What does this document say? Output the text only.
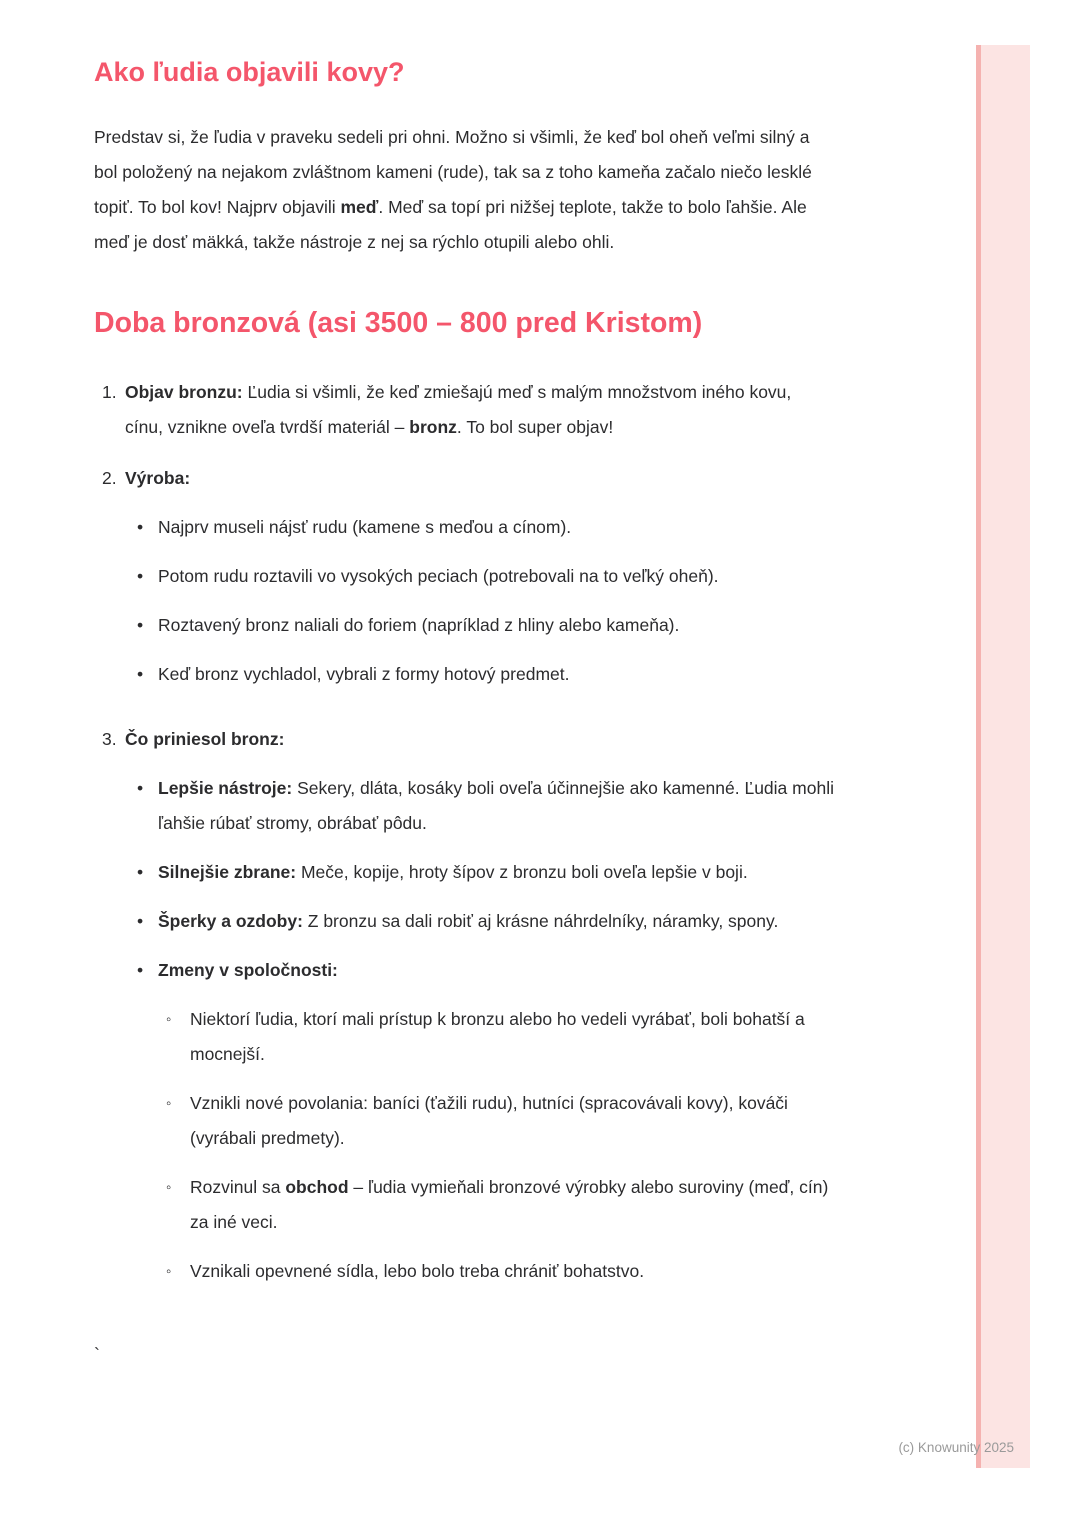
Ako ľudia objavili kovy?

Predstav si, že ľudia v praveku sedeli pri ohni. Možno si všimli, že keď bol oheň veľmi silný a bol položený na nejakom zvláštnom kameni (rude), tak sa z toho kameňa začalo niečo lesklé topiť. To bol kov! Najprv objavili meď. Meď sa topí pri nižšej teplote, takže to bolo ľahšie. Ale meď je dosť mäkká, takže nástroje z nej sa rýchlo otupili alebo ohli.

Doba bronzová (asi 3500 – 800 pred Kristom)
1. Objav bronzu: Ľudia si všimli, že keď zmiešajú meď s malým množstvom iného kovu, cínu, vznikne oveľa tvrdší materiál – bronz. To bol super objav!
2. Výroba:
• Najprv museli nájsť rudu (kamene s meďou a cínom).
• Potom rudu roztavili vo vysokých peciach (potrebovali na to veľký oheň).
• Roztavený bronz naliali do foriem (napríklad z hliny alebo kameňa).
• Keď bronz vychladol, vybrali z formy hotový predmet.
3. Čo priniesol bronz:
• Lepšie nástroje: Sekery, dláta, kosáky boli oveľa účinnejšie ako kamenné. Ľudia mohli ľahšie rúbať stromy, obrábať pôdu.
• Silnejšie zbrane: Meče, kopije, hroty šípov z bronzu boli oveľa lepšie v boji.
• Šperky a ozdoby: Z bronzu sa dali robiť aj krásne náhrdelníky, náramky, spony.
• Zmeny v spoločnosti:
◦	Niektorí ľudia, ktorí mali prístup k bronzu alebo ho vedeli vyrábať, boli bohatší a mocnejší.
◦	Vznikli nové povolania: baníci (ťažili rudu), hutníci (spracovávali kovy), kováči (vyrábali predmety).
◦	Rozvinul sa obchod – ľudia vymieňali bronzové výrobky alebo suroviny (meď, cín) za iné veci.
◦	Vznikali opevnené sídla, lebo bolo treba chrániť bohatstvo.
`
(c) Knowunity 2025
